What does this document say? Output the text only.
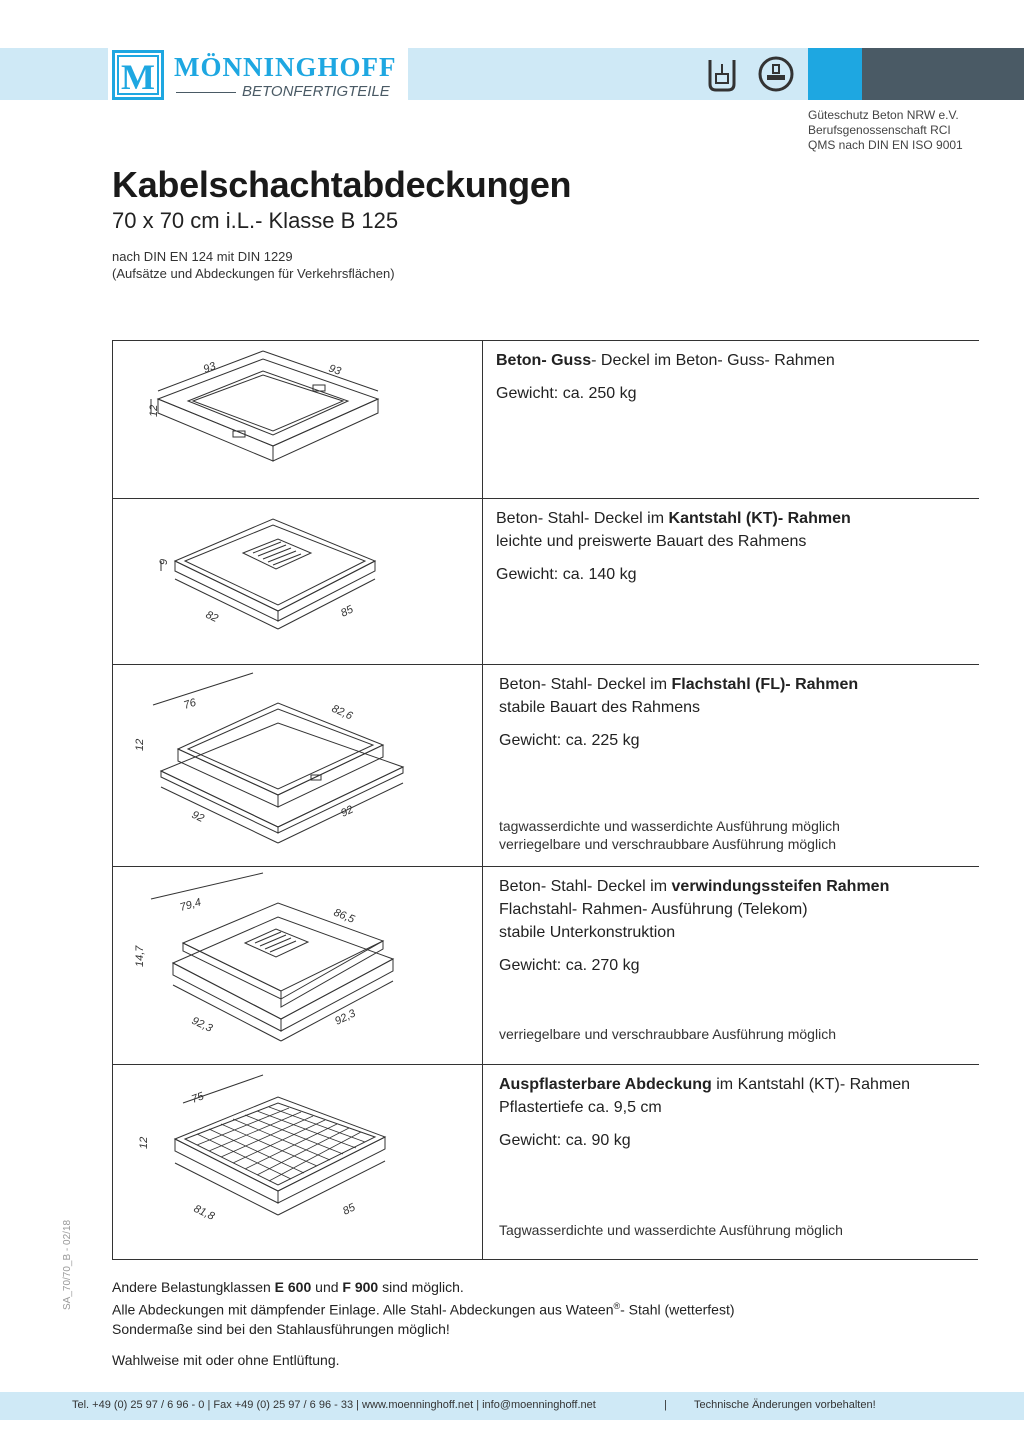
M MÖNNINGHOFF
BETONFERTIGTEILE
Güteschutz Beton NRW e.V.
Berufsgenossenschaft RCI
QMS nach DIN EN ISO 9001
Kabelschachtabdeckungen
70 x 70 cm i.L.- Klasse B 125
nach DIN EN 124 mit DIN 1229
(Aufsätze und Abdeckungen für Verkehrsflächen)
93	93
12
Beton- Guss- Deckel im Beton- Guss- Rahmen
Gewicht: ca. 250 kg
9
82	85
Beton- Stahl- Deckel im Kantstahl (KT)- Rahmen
leichte und preiswerte Bauart des Rahmens
Gewicht: ca. 140 kg
76	82,6
12
92	92
Beton- Stahl- Deckel im Flachstahl (FL)- Rahmen
stabile Bauart des Rahmens
Gewicht: ca. 225 kg
tagwasserdichte und wasserdichte Ausführung möglich
verriegelbare und verschraubbare Ausführung möglich
79,4
86,5
14,7
92,3	92,3
Beton- Stahl- Deckel im verwindungssteifen Rahmen
Flachstahl- Rahmen- Ausführung (Telekom)
stabile Unterkonstruktion
Gewicht: ca. 270 kg
verriegelbare und verschraubbare Ausführung möglich
75
12
81,8	85
Auspflasterbare Abdeckung im Kantstahl (KT)- Rahmen
Pflastertiefe ca. 9,5 cm
Gewicht: ca. 90 kg
Tagwasserdichte und wasserdichte Ausführung möglich
SA_70/70_B - 02/18	Andere Belastungklassen E 600 und F 900 sind möglich.
Alle Abdeckungen mit dämpfender Einlage. Alle Stahl- Abdeckungen aus Wateen®- Stahl (wetterfest)
Sondermaße sind bei den Stahlausführungen möglich!
Wahlweise mit oder ohne Entlüftung.
Tel. +49 (0) 25 97 / 6 96 - 0 | Fax +49 (0) 25 97 / 6 96 - 33 | www.moenninghoff.net | info@moenninghoff.net	| Technische Änderungen vorbehalten!
